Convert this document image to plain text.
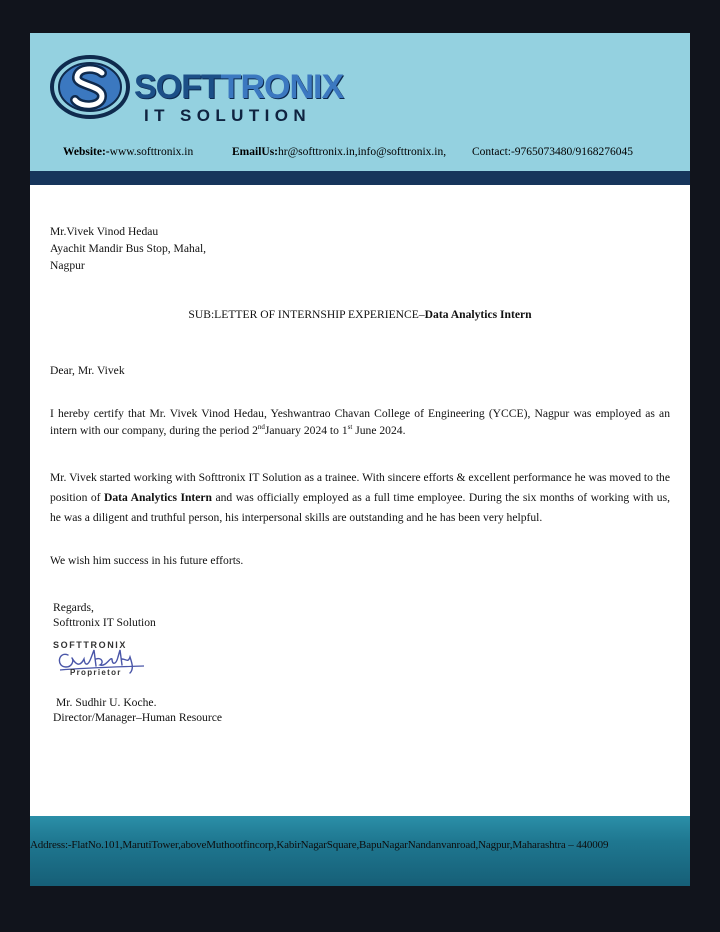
SOFTTRONIX
IT SOLUTION
Website:-www.softtronix.in	EmailUs:hr@softtronix.in,info@softtronix.in, Contact:-9765073480/9168276045
Mr.Vivek Vinod Hedau
Ayachit Mandir Bus Stop, Mahal,
Nagpur
SUB:LETTER OF INTERNSHIP EXPERIENCE–Data Analytics Intern
Dear, Mr. Vivek
I hereby certify that Mr. Vivek Vinod Hedau, Yeshwantrao Chavan College of Engineering (YCCE), Nagpur was employed as an intern with our company, during the period 2ndJanuary 2024 to 1st June 2024.
Mr. Vivek started working with Softtronix IT Solution as a trainee. With sincere efforts & excellent performance he was moved to the position of Data Analytics Intern and was officially employed as a full time employee. During the six months of working with us, he was a diligent and truthful person, his interpersonal skills are outstanding and he has been very helpful.
We wish him success in his future efforts.
Regards,
Softtronix IT Solution
SOFTTRONIX
Proprietor
Mr. Sudhir U. Koche.
Director/Manager–Human Resource
Address:-FlatNo.101,MarutiTower,aboveMuthootfincorp,KabirNagarSquare,BapuNagarNandanvanroad,Nagpur,Maharashtra – 440009
